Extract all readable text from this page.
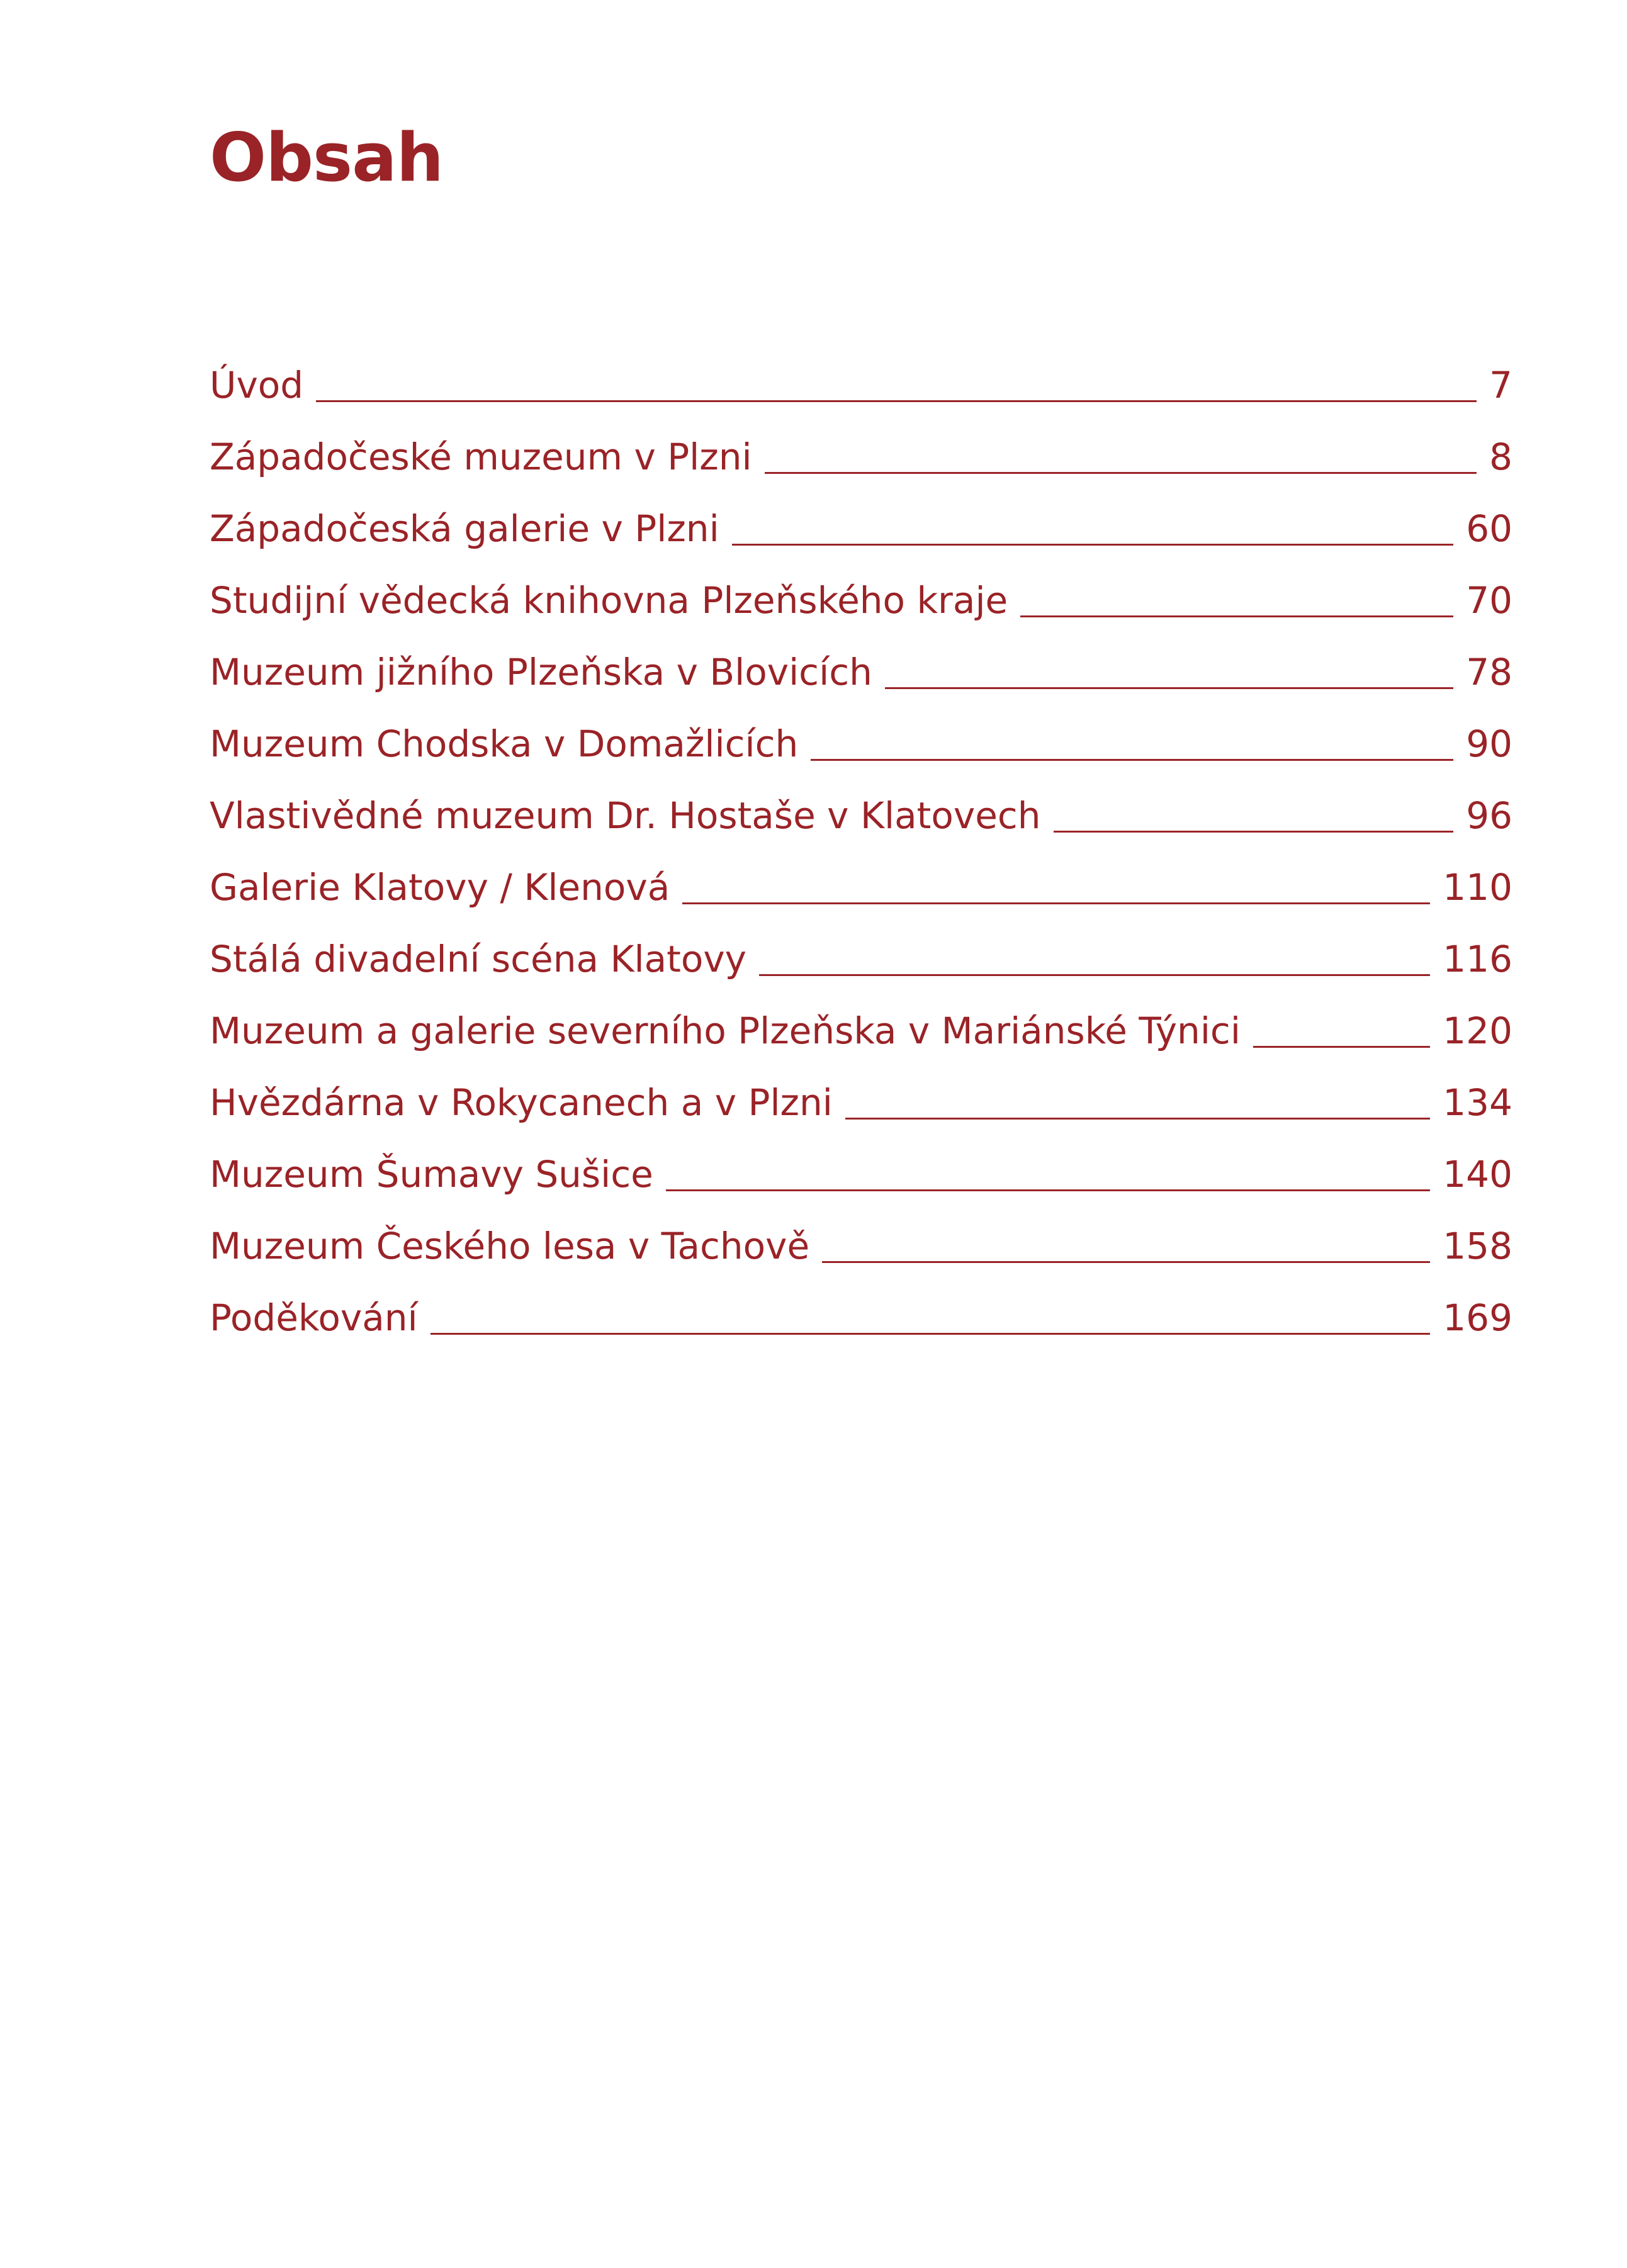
Obsah
Úvod	7
Západočeské muzeum v Plzni	8
Západočeská galerie v Plzni	60
Studijní vědecká knihovna Plzeňského kraje	70
Muzeum jižního Plzeňska v Blovicích	78
Muzeum Chodska v Domažlicích	90
Vlastivědné muzeum Dr. Hostaše v Klatovech	96
Galerie Klatovy / Klenová	110
Stálá divadelní scéna Klatovy	116
Muzeum a galerie severního Plzeňska v Mariánské Týnici	120
Hvězdárna v Rokycanech a v Plzni	134
Muzeum Šumavy Sušice	140
Muzeum Českého lesa v Tachově	158
Poděkování	169
